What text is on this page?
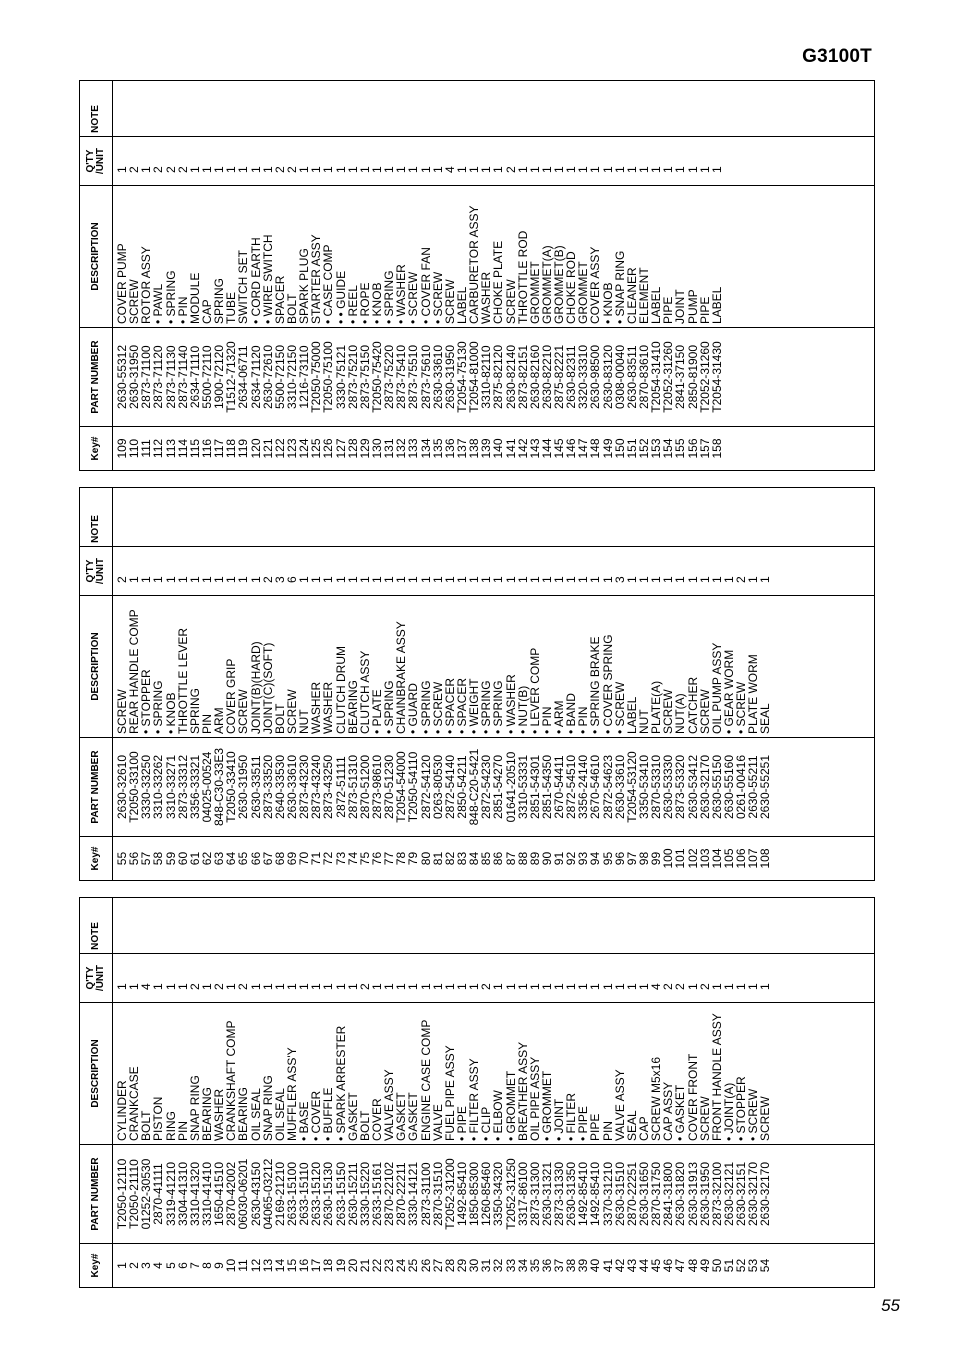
G3100T
Key#
PART NUMBER
DESCRIPTION
Q'TY /UNIT
NOTE
1
2
3
4
5
6
7
8
9
10
11
12
13
14
15
16
17
18
19
20
21
22
23
24
25
26
27
28
29
30
31
32
33
34
35
36
37
38
39
40
41
42
43
44
45
46
47
48
49
50
51
52
53
54
T2050-12110
T2050-21110
01252-30530
2870-41111
3319-41210
3304-41310
3310-41320
3310-41410
1650-41510
2870-42002
06030-06201
2630-43150
04065-03212
2169-21210
2633-15100
2633-15110
2633-15120
2630-15130
2633-15150
2630-15211
3330-15220
2633-15161
2870-22102
2870-22211
3330-14121
2873-31100
2870-31510
T2052-31200
1492-85410
1850-85300
1260-85460
3350-34320
T2052-31250
3317-86100
2873-31300
2630-31321
2873-31330
2630-31350
1492-85410
1492-85410
3370-31210
2630-31510
2870-22251
2630-31650
2870-31750
2841-31800
2630-31820
2630-31913
2630-31950
2873-32100
2630-32121
2630-32151
2630-32170
2630-32170
CYLINDER
CRANKCASE
BOLT
PISTON
RING
PIN
SNAP RING
BEARING
WASHER
CRANKSHAFT COMP
BEARING
OIL SEAL
SNAP RING
OIL SEAL
MUFFLER ASS'Y
• BASE
• COVER
• BUFFLE
• SPARK ARRESTER
GASKET
BOLT
COVER
VALVE ASSY
GASKET
GASKET
ENGINE CASE COMP
VALVE
FUEL PIPE ASSY
• PIPE
• FILTER ASSY
• CLIP
• ELBOW
• GROMMET
BREATHER ASSY
OIL PIPE ASSY
• GROMMET
• JOINT
• FILTER
• PIPE
PIPE
PIN
VALVE ASSY
SEAL
CAP
SCREW M5x16
CAP ASSY
• GASKET
COVER FRONT
SCREW
FRONT HANDLE ASSY
• JOINT(A)
• STOPPER
• SCREW
SCREW
1
1
4
1
1
1
2
1
2
1
2
1
1
1
1
1
1
1
1
1
2
1
1
1
1
1
1
1
1
1
2
1
1
1
1
1
1
1
1
1
1
1
1
1
4
2
2
1
2
1
1
1
1
1
Key#
PART NUMBER
DESCRIPTION
Q'TY /UNIT
NOTE
55
56
57
58
59
60
61
62
63
64
65
66
67
68
69
70
71
72
73
74
75
76
77
78
79
80
81
82
83
84
85
86
87
88
89
90
91
92
93
94
95
96
97
98
99
100
101
102
103
104
105
106
107
108
2630-32610
T2050-33100
3330-33250
3310-33262
3310-33271
2873-33312
3356-33321
04025-00524
848-C30-33E3
T2050-33410
2630-31950
2630-33511
2873-33520
2640-33530
2630-33610
2873-43230
2873-43240
2873-43250
2872-51111
2873-51310
2870-51200
2873-98610
2870-51230
T2054-54000
T2050-54110
2872-54120
0263-80530
2872-54140
2850-54211
848-C20-5421
2872-54230
2851-54270
01641-20510
3310-53331
2851-54301
2851-54350
2670-54411
2872-54510
3356-24140
2670-54610
2872-54623
2630-33610
T2054-53120
3350-53410
2870-53310
2630-53330
2873-53320
2630-53412
2630-32170
2630-55150
2630-55160
0261-00416
2630-55211
2630-55251
SCREW
REAR HANDLE COMP
• STOPPER
• SPRING
• KNOB
THROTTLE LEVER
SPRING
PIN
ARM
COVER GRIP
SCREW
JOINT(B)(HARD)
JOINT(C)(SOFT)
BOLT
SCREW
NUT
WASHER
WASHER
CLUTCH DRUM
BEARING
CLUTCH ASSY
• PLATE
• SPRING
CHAINBRAKE ASSY
• GUARD
• SPRING
• SCREW
• SPACER
• SPACER
• WEIGHT
• SPRING
• SPRING
• WASHER
• NUT(B)
• LEVER COMP
• PIN
• ARM
• BAND
• PIN
• SPRING BRAKE
• COVER SPRING
• SCREW
LABEL
NUT
PLATE(A)
SCREW
NUT(A)
CATCHER
SCREW
OIL PUMP ASSY
• GEAR WORM
• SCREW
PLATE WORM
SEAL
2
1
1
1
1
1
1
1
1
1
1
1
2
3
6
1
1
1
1
1
1
1
1
1
1
1
1
1
1
1
1
1
1
1
1
1
1
1
1
1
1
3
1
1
1
1
1
1
1
1
1
2
1
1
Key#
PART NUMBER
DESCRIPTION
Q'TY /UNIT
NOTE
109
110
111
112
113
114
115
116
117
118
119
120
121
122
123
124
125
126
127
128
129
130
131
132
133
134
135
136
137
138
139
140
141
142
143
144
145
146
147
148
149
150
151
152
153
154
155
156
157
158
2630-55312
2630-31950
2873-71100
2873-71120
2873-71130
2873-71140
2634-71110
5500-72110
1900-72120
T1512-71320
2634-06711
2634-71120
2630-72610
5500-72150
3310-72150
1216-73110
T2050-75000
T2050-75100
3330-75121
2873-75210
2873-75150
T2050-75420
2873-75220
2873-75410
2873-75510
2873-75610
2630-33610
2630-31950
T2054-75130
T2054-81000
3310-82110
2875-82120
2630-82140
2873-82151
2630-82160
2630-82210
2875-82221
2630-82311
3320-33310
2630-98500
2630-83120
0308-00040
2630-83511
2870-83610
T2054-31410
T2052-31260
2841-37150
2850-81900
T2052-31260
T2054-31430
COVER PUMP
SCREW
ROTOR ASSY
• PAWL
• SPRING
• PIN
MODULE
CAP
SPRING
TUBE
SWITCH SET
• CORD EARTH
• WIRE SWITCH
SPACER
BOLT
SPARK PLUG
STARTER ASSY
• CASE COMP
• • GUIDE
• REEL
• ROPE
• KNOB
• SPRING
• WASHER
• SCREW
• COVER FAN
• SCREW
SCREW
LABEL
CARBURETOR ASSY
WASHER
CHOKE PLATE
SCREW
THROTTLE ROD
GROMMET
GROMMET(A)
GROMMET(B)
CHOKE ROD
GROMMET
COVER ASSY
• KNOB
• SNAP RING
CLEANER
ELEMENT
LABEL
PIPE
JOINT
PUMP
PIPE
LABEL
1
2
1
2
2
2
1
1
1
1
1
1
1
2
2
1
1
1
1
1
1
1
1
1
1
1
1
4
1
1
1
1
2
1
1
1
1
1
1
1
1
1
1
1
1
1
1
1
1
1
55
